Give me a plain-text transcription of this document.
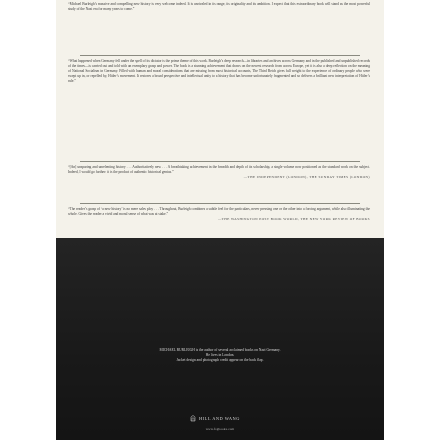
“Michael Burleigh’s massive and compelling new history is very welcome indeed. It is unrivaled in its range, its originality and its ambition. I expect that this extraordinary book will stand as the most powerful study of the Nazi era for many years to come.”

“What happened when Germany fell under the spell of its dictator is the prime theme of this work. Burleigh’s deep research—in libraries and archives across Germany and in the published and unpublished records of the times—is carried out and told with an exemplary grasp and power. The book is a stunning achievement that draws on the newest research from across Europe, yet it is also a deep reflection on the meaning of National Socialism in Germany. Filled with human and moral considerations that are missing from most historical accounts, The Third Reich gives full weight to the experience of ordinary people who were swept up in, or repelled by, Hitler’s movement. It restores a broad perspective and intellectual unity to a history that has become unfortunately fragmented and so delivers a brilliant new interpretation of Hitler’s rule.”

“[An] unsparing and unrelenting history . . . Authoritatively new . . . A breathtaking achievement in the breadth and depth of its scholarship, a single volume now positioned as the standard work on the subject. Indeed, I would go further: it is the product of authentic historical genius.”

—THE INDEPENDENT (LONDON), THE SUNDAY TIMES (LONDON)

“The reader’s grasp of ‘a new history’ is no mere sales ploy . . . Throughout, Burleigh combines a subtle feel for the particulars, never pressing one or the other into a forcing argument, while also illuminating the whole. Gives the reader a vivid and moral sense of what was at stake.”

—THE WASHINGTON POST BOOK WORLD, THE NEW YORK REVIEW OF BOOKS

MICHAEL BURLEIGH is the author of several acclaimed books on Nazi Germany.

He lives in London.

Jacket design and photograph credit appear on the back flap.

HILL AND WANG
www.fsgbooks.com
